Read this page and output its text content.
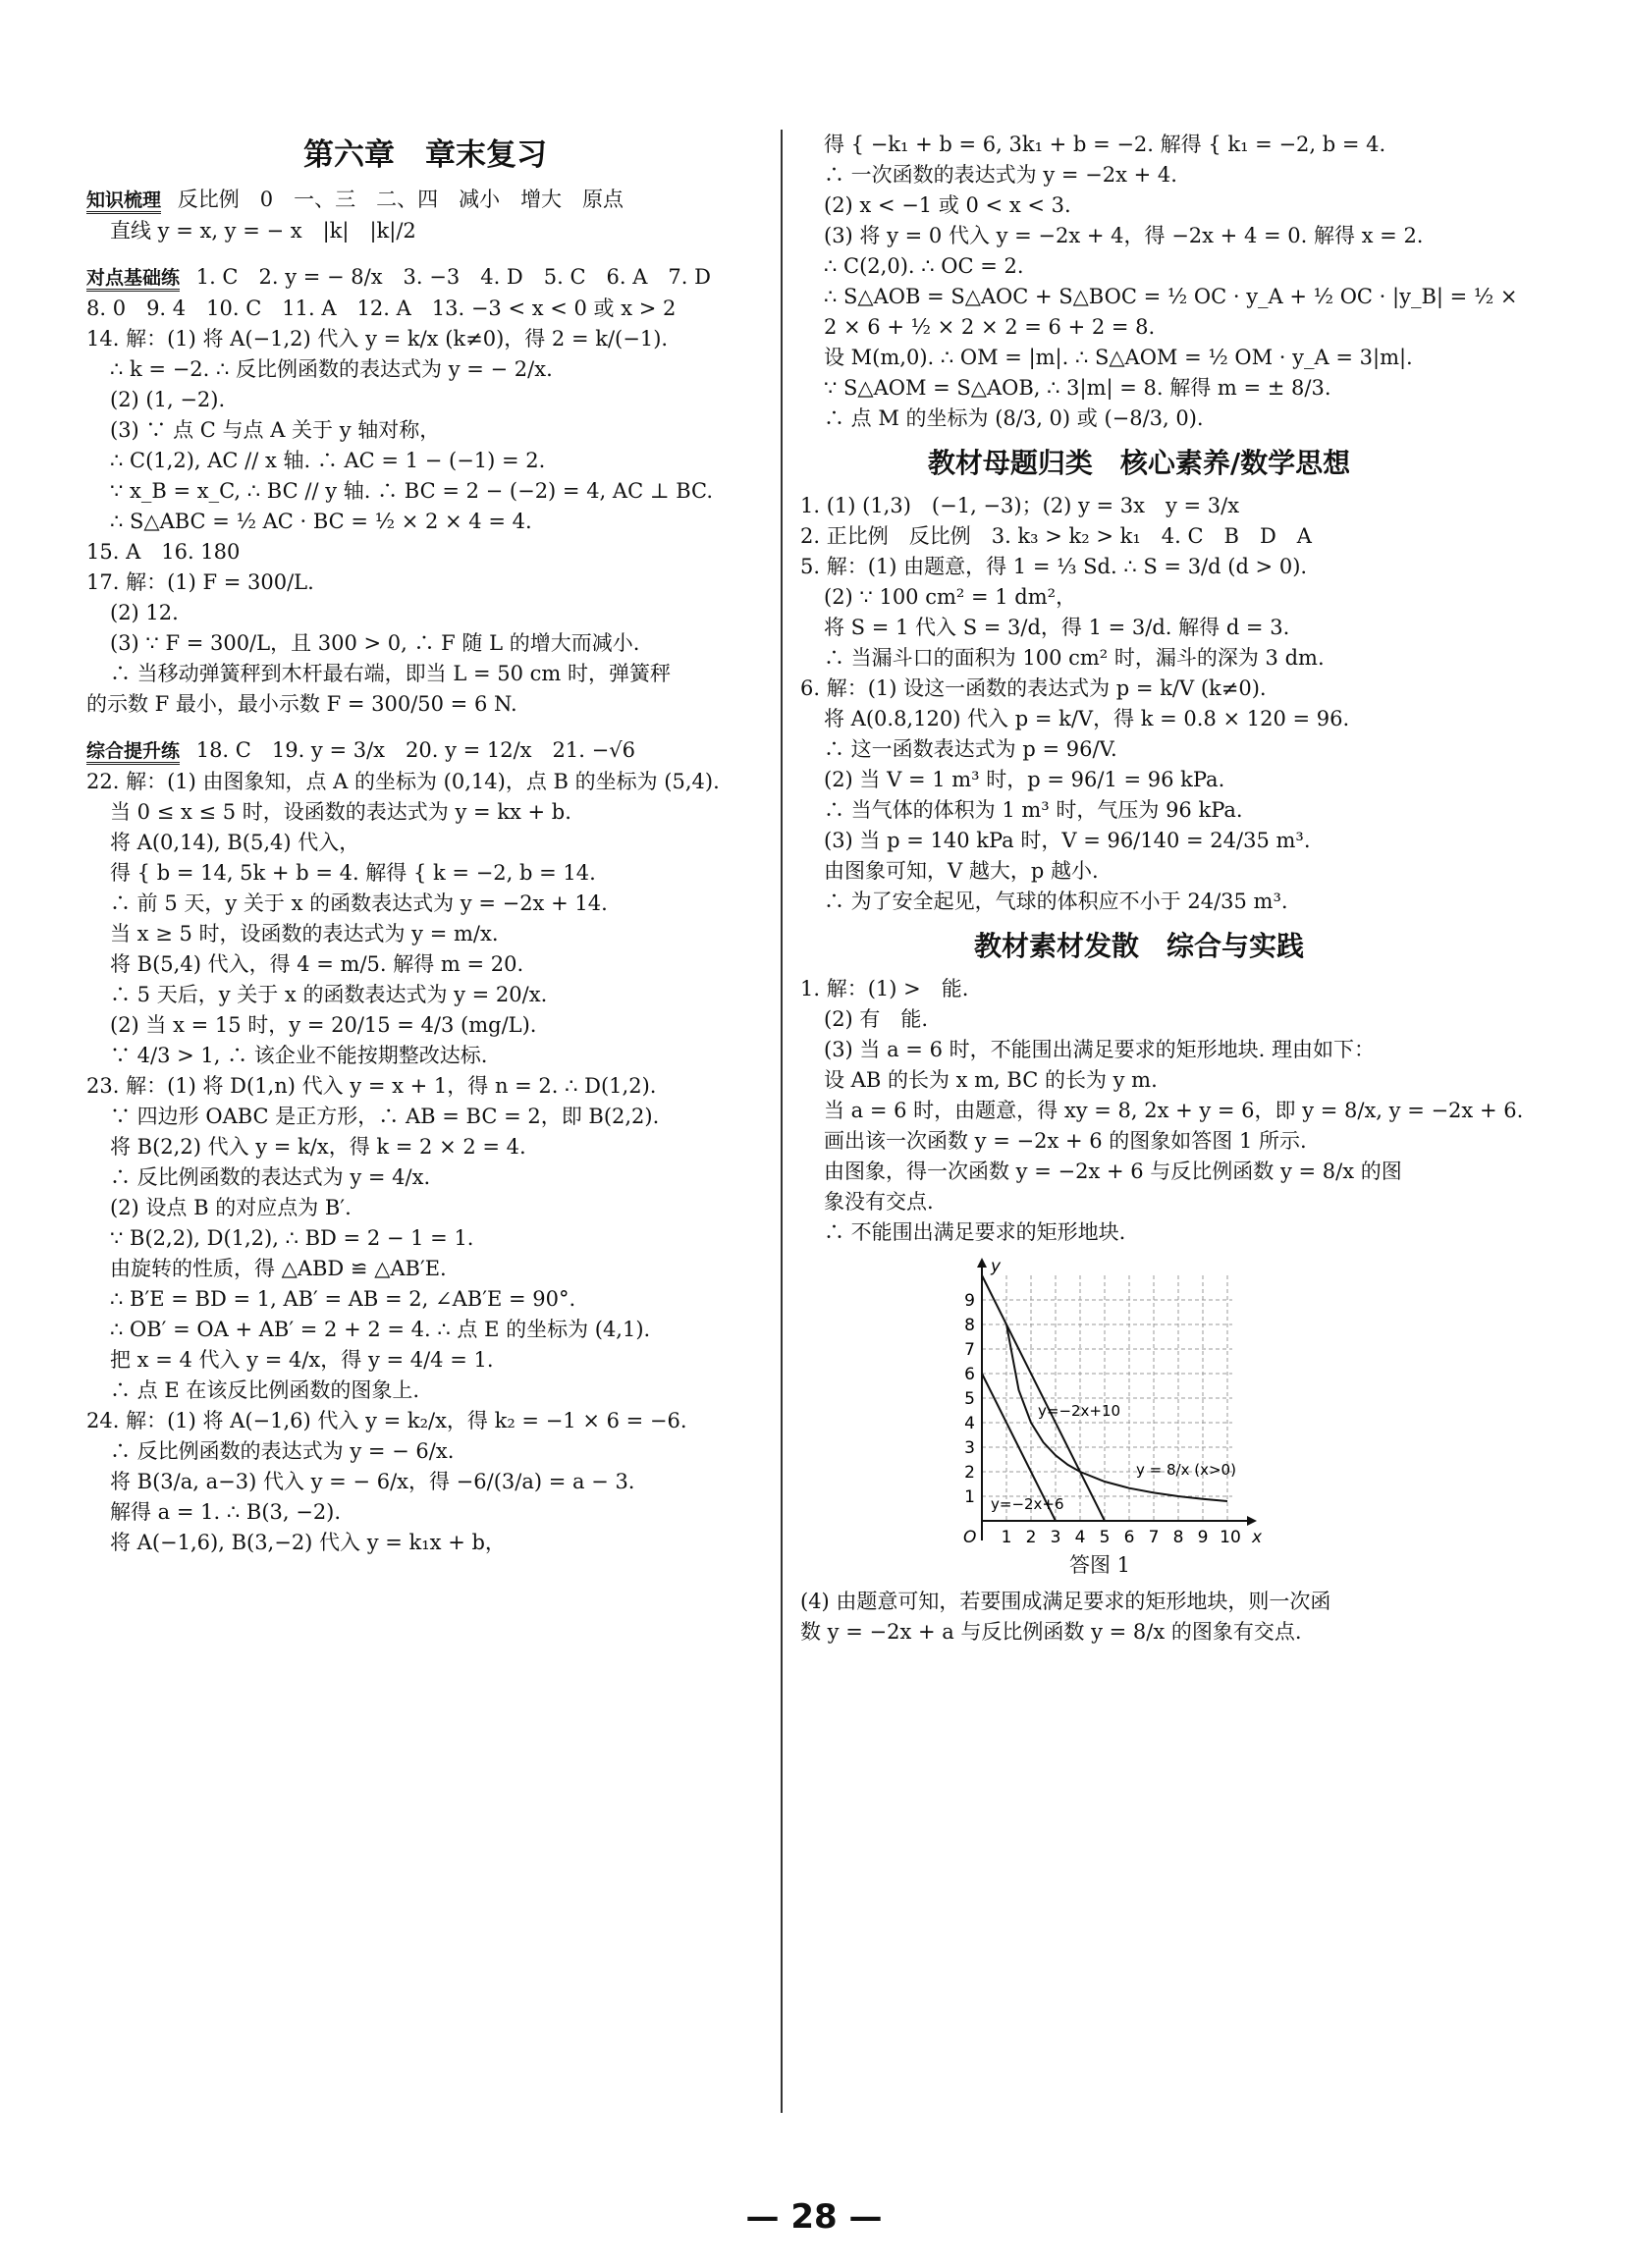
第六章　章末复习
知识梳理 反比例　0　一、三　二、四　减小　增大　原点
直线 y = x, y = − x　|k|　|k|/2
对点基础练 1. C　2. y = − 8/x　3. −3　4. D　5. C　6. A　7. D
8. 0　9. 4　10. C　11. A　12. A　13. −3 < x < 0 或 x > 2
14. 解：(1) 将 A(−1,2) 代入 y = k/x (k≠0)，得 2 = k/(−1).
∴ k = −2. ∴ 反比例函数的表达式为 y = − 2/x.
(2) (1, −2).
(3) ∵ 点 C 与点 A 关于 y 轴对称，
∴ C(1,2), AC // x 轴. ∴ AC = 1 − (−1) = 2.
∵ x_B = x_C, ∴ BC // y 轴. ∴ BC = 2 − (−2) = 4, AC ⊥ BC.
∴ S△ABC = ½ AC · BC = ½ × 2 × 4 = 4.
15. A　16. 180
17. 解：(1) F = 300/L.
(2) 12.
(3) ∵ F = 300/L，且 300 > 0, ∴ F 随 L 的增大而减小.
∴ 当移动弹簧秤到木杆最右端，即当 L = 50 cm 时，弹簧秤
的示数 F 最小，最小示数 F = 300/50 = 6 N.
综合提升练 18. C　19. y = 3/x　20. y = 12/x　21. −√6
22. 解：(1) 由图象知，点 A 的坐标为 (0,14)，点 B 的坐标为 (5,4).
当 0 ≤ x ≤ 5 时，设函数的表达式为 y = kx + b.
将 A(0,14), B(5,4) 代入，
得 { b = 14, 5k + b = 4. 解得 { k = −2, b = 14.
∴ 前 5 天，y 关于 x 的函数表达式为 y = −2x + 14.
当 x ≥ 5 时，设函数的表达式为 y = m/x.
将 B(5,4) 代入，得 4 = m/5. 解得 m = 20.
∴ 5 天后，y 关于 x 的函数表达式为 y = 20/x.
(2) 当 x = 15 时，y = 20/15 = 4/3 (mg/L).
∵ 4/3 > 1, ∴ 该企业不能按期整改达标.
23. 解：(1) 将 D(1,n) 代入 y = x + 1，得 n = 2. ∴ D(1,2).
∵ 四边形 OABC 是正方形，∴ AB = BC = 2，即 B(2,2).
将 B(2,2) 代入 y = k/x，得 k = 2 × 2 = 4.
∴ 反比例函数的表达式为 y = 4/x.
(2) 设点 B 的对应点为 B′.
∵ B(2,2), D(1,2), ∴ BD = 2 − 1 = 1.
由旋转的性质，得 △ABD ≌ △AB′E.
∴ B′E = BD = 1, AB′ = AB = 2, ∠AB′E = 90°.
∴ OB′ = OA + AB′ = 2 + 2 = 4. ∴ 点 E 的坐标为 (4,1).
把 x = 4 代入 y = 4/x，得 y = 4/4 = 1.
∴ 点 E 在该反比例函数的图象上.
24. 解：(1) 将 A(−1,6) 代入 y = k₂/x，得 k₂ = −1 × 6 = −6.
∴ 反比例函数的表达式为 y = − 6/x.
将 B(3/a, a−3) 代入 y = − 6/x，得 −6/(3/a) = a − 3.
解得 a = 1. ∴ B(3, −2).
将 A(−1,6), B(3,−2) 代入 y = k₁x + b，
得 { −k₁ + b = 6, 3k₁ + b = −2. 解得 { k₁ = −2, b = 4.
∴ 一次函数的表达式为 y = −2x + 4.
(2) x < −1 或 0 < x < 3.
(3) 将 y = 0 代入 y = −2x + 4，得 −2x + 4 = 0. 解得 x = 2.
∴ C(2,0). ∴ OC = 2.
∴ S△AOB = S△AOC + S△BOC = ½ OC · y_A + ½ OC · |y_B| = ½ ×
2 × 6 + ½ × 2 × 2 = 6 + 2 = 8.
设 M(m,0). ∴ OM = |m|. ∴ S△AOM = ½ OM · y_A = 3|m|.
∵ S△AOM = S△AOB, ∴ 3|m| = 8. 解得 m = ± 8/3.
∴ 点 M 的坐标为 (8/3, 0) 或 (−8/3, 0).
教材母题归类　核心素养/数学思想
1. (1) (1,3)　(−1, −3)；(2) y = 3x　y = 3/x
2. 正比例　反比例　3. k₃ > k₂ > k₁　4. C　B　D　A
5. 解：(1) 由题意，得 1 = ⅓ Sd. ∴ S = 3/d (d > 0).
(2) ∵ 100 cm² = 1 dm²，
将 S = 1 代入 S = 3/d，得 1 = 3/d. 解得 d = 3.
∴ 当漏斗口的面积为 100 cm² 时，漏斗的深为 3 dm.
6. 解：(1) 设这一函数的表达式为 p = k/V (k≠0).
将 A(0.8,120) 代入 p = k/V，得 k = 0.8 × 120 = 96.
∴ 这一函数表达式为 p = 96/V.
(2) 当 V = 1 m³ 时，p = 96/1 = 96 kPa.
∴ 当气体的体积为 1 m³ 时，气压为 96 kPa.
(3) 当 p = 140 kPa 时，V = 96/140 = 24/35 m³.
由图象可知，V 越大，p 越小.
∴ 为了安全起见，气球的体积应不小于 24/35 m³.
教材素材发散　综合与实践
1. 解：(1) >　能.
(2) 有　能.
(3) 当 a = 6 时，不能围出满足要求的矩形地块. 理由如下：
设 AB 的长为 x m, BC 的长为 y m.
当 a = 6 时，由题意，得 xy = 8, 2x + y = 6，即 y = 8/x, y = −2x + 6.
画出该一次函数 y = −2x + 6 的图象如答图 1 所示.
由图象，得一次函数 y = −2x + 6 与反比例函数 y = 8/x 的图
象没有交点.
∴ 不能围出满足要求的矩形地块.
1 2 3 4 5 6 7 8 9 10
1
2
3
4
5
6
7
8
9
O	x
y
y=−2x+10
y=−2x+6
y = 8/x (x>0)
答图 1
(4) 由题意可知，若要围成满足要求的矩形地块，则一次函
数 y = −2x + a 与反比例函数 y = 8/x 的图象有交点.
— 28 —
